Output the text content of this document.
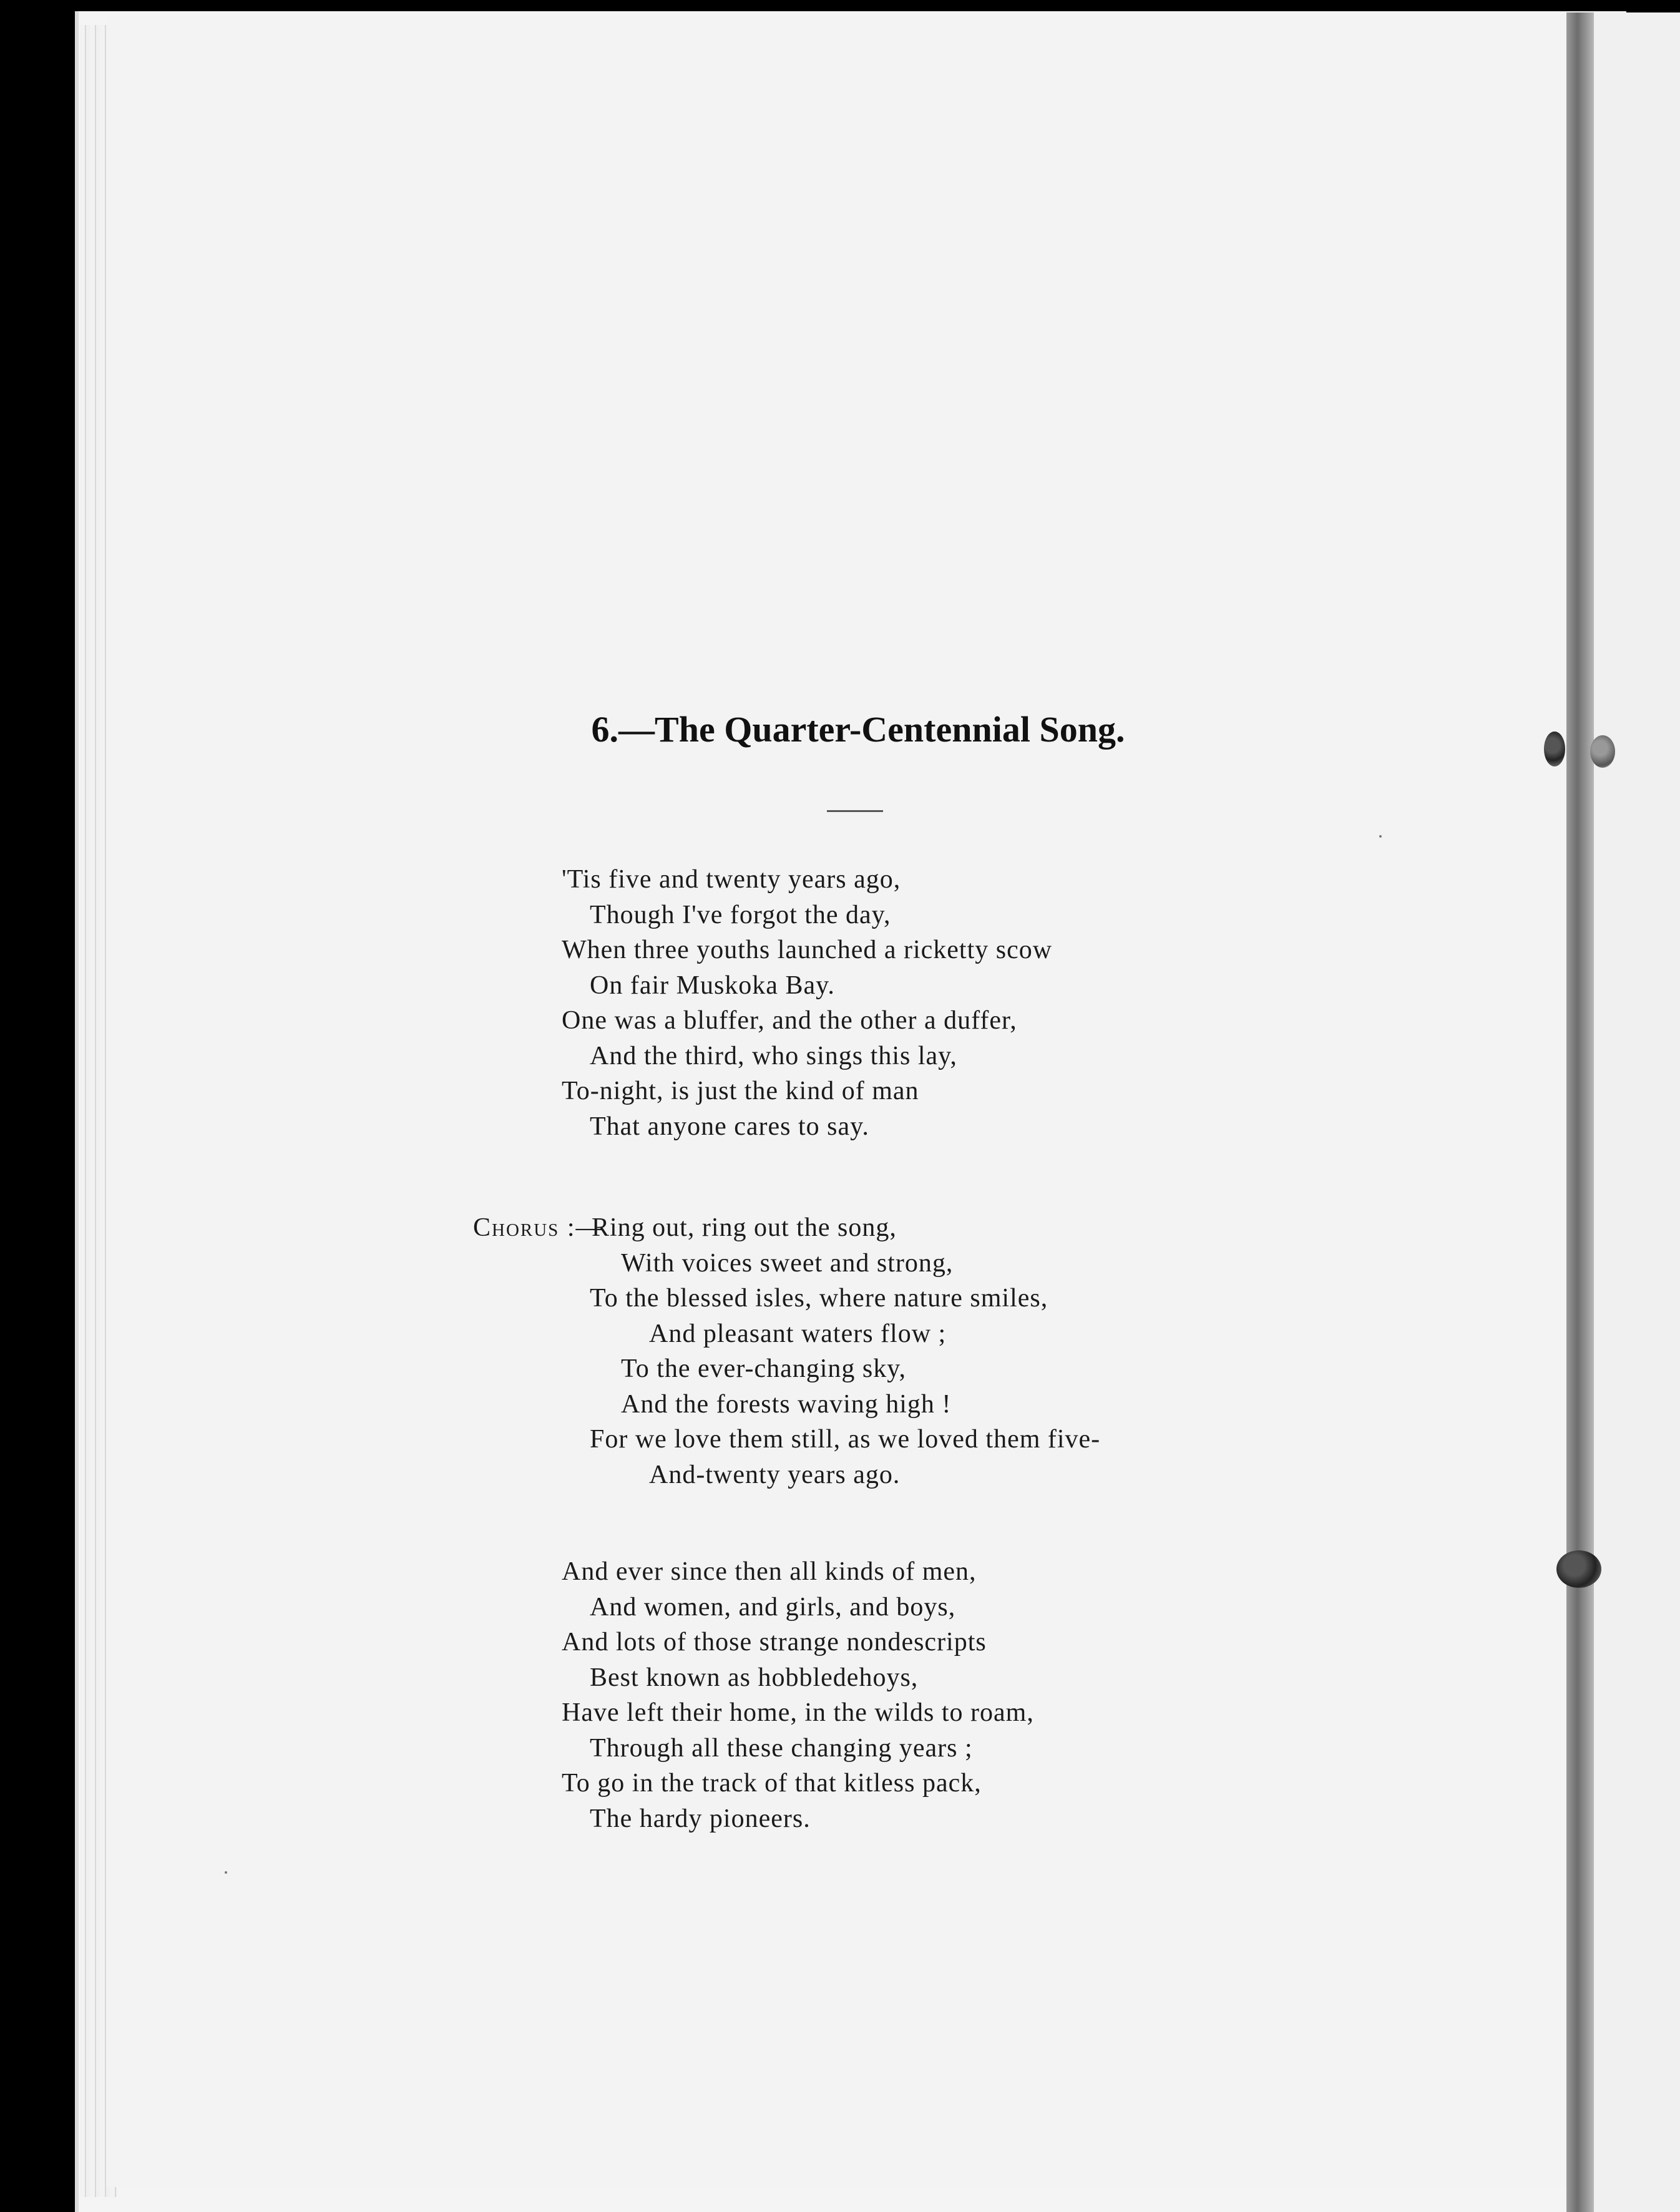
6.—The Quarter-Centennial Song.
'Tis five and twenty years ago,
Though I've forgot the day,
When three youths launched a ricketty scow
On fair Muskoka Bay.
One was a bluffer, and the other a duffer,
And the third, who sings this lay,
To-night, is just the kind of man
That anyone cares to say.
Chorus :—
Ring out, ring out the song,
With voices sweet and strong,
To the blessed isles, where nature smiles,
And pleasant waters flow ;
To the ever-changing sky,
And the forests waving high !
For we love them still, as we loved them five-
And-twenty years ago.
And ever since then all kinds of men,
And women, and girls, and boys,
And lots of those strange nondescripts
Best known as hobbledehoys,
Have left their home, in the wilds to roam,
Through all these changing years ;
To go in the track of that kitless pack,
The hardy pioneers.
